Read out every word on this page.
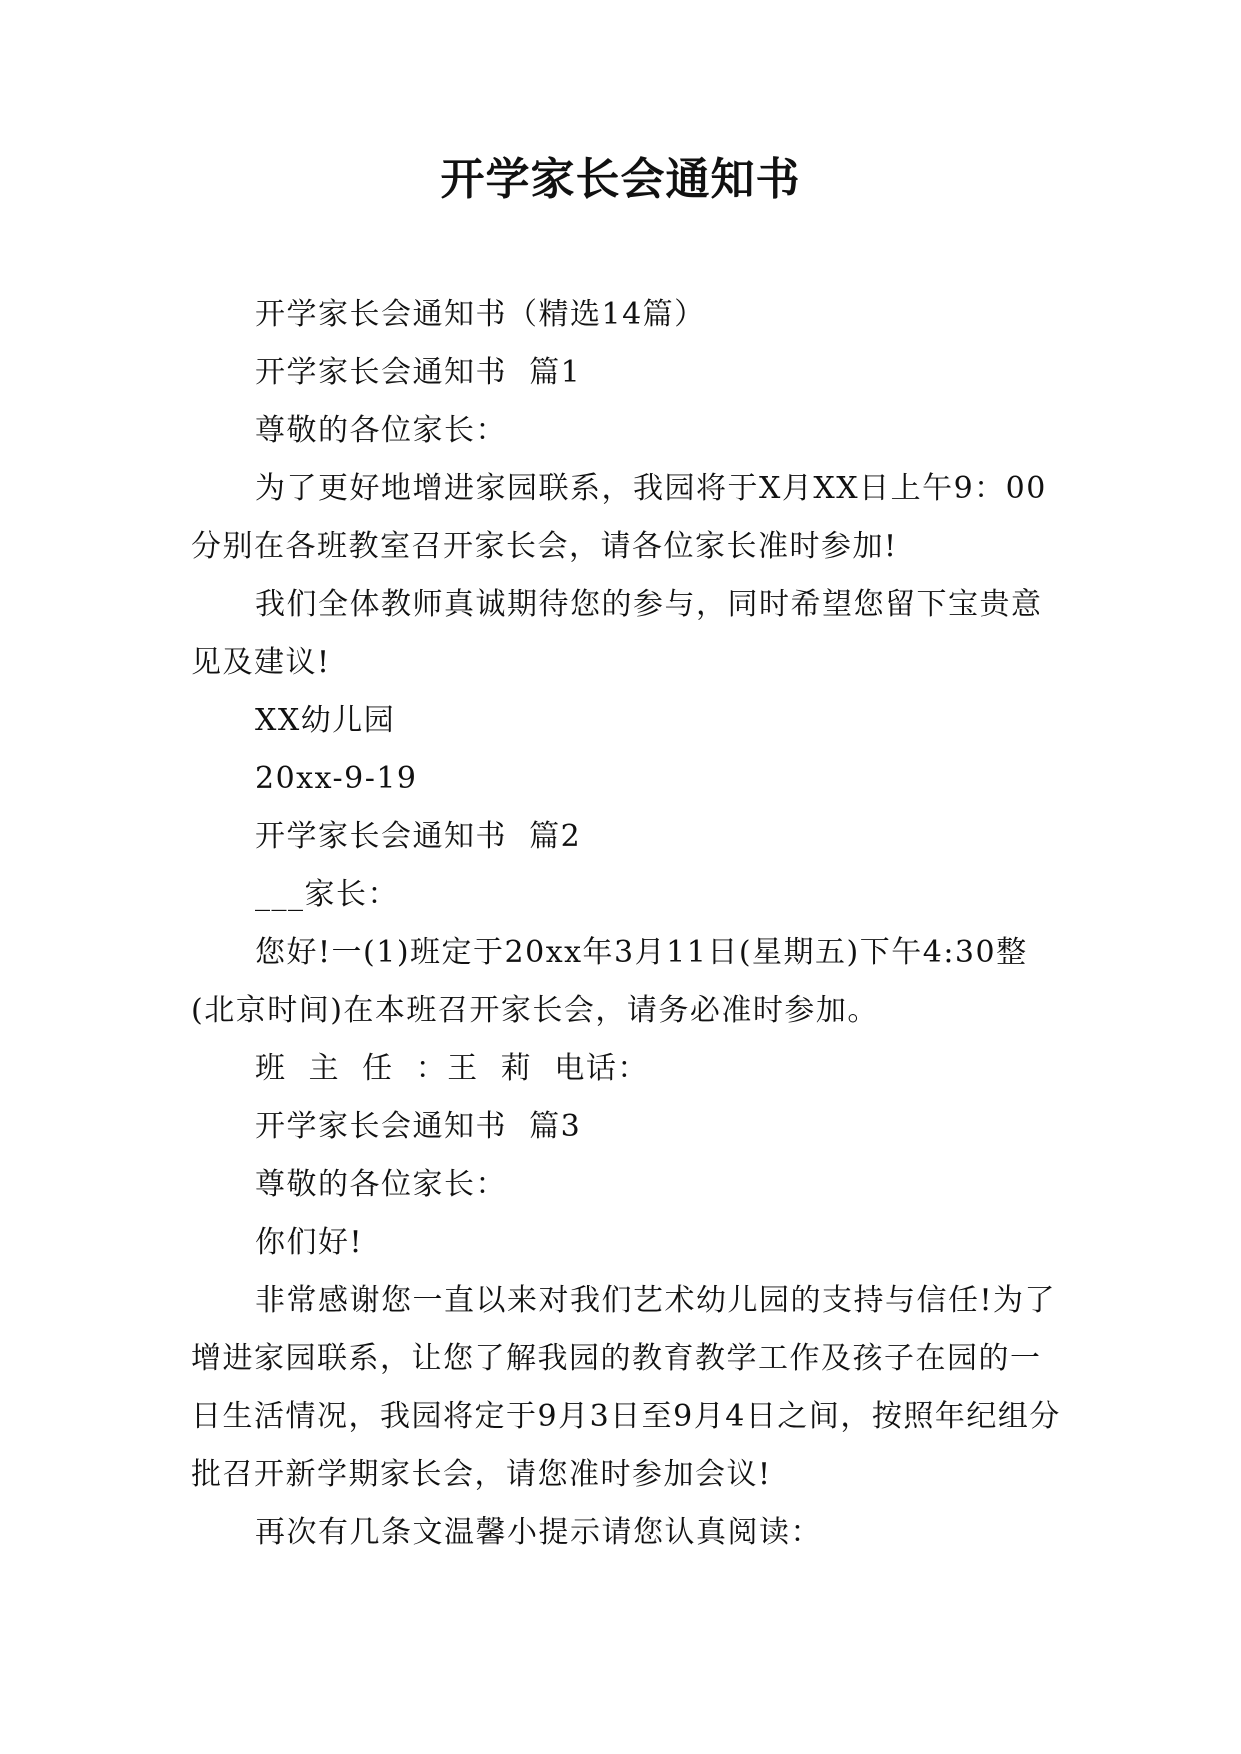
开学家长会通知书

开学家长会通知书（精选14篇）

开学家长会通知书  篇1

尊敬的各位家长：

为了更好地增进家园联系，我园将于X月XX日上午9：00分别在各班教室召开家长会，请各位家长准时参加!

我们全体教师真诚期待您的参与，同时希望您留下宝贵意见及建议!

XX幼儿园

20xx-9-19

开学家长会通知书  篇2

___家长：

您好!一(1)班定于20xx年3月11日(星期五)下午4:30整(北京时间)在本班召开家长会，请务必准时参加。

班  主  任  ：王  莉  电话：

开学家长会通知书  篇3

尊敬的各位家长：

你们好!

非常感谢您一直以来对我们艺术幼儿园的支持与信任!为了增进家园联系，让您了解我园的教育教学工作及孩子在园的一日生活情况，我园将定于9月3日至9月4日之间，按照年纪组分批召开新学期家长会，请您准时参加会议!

再次有几条文温馨小提示请您认真阅读：
